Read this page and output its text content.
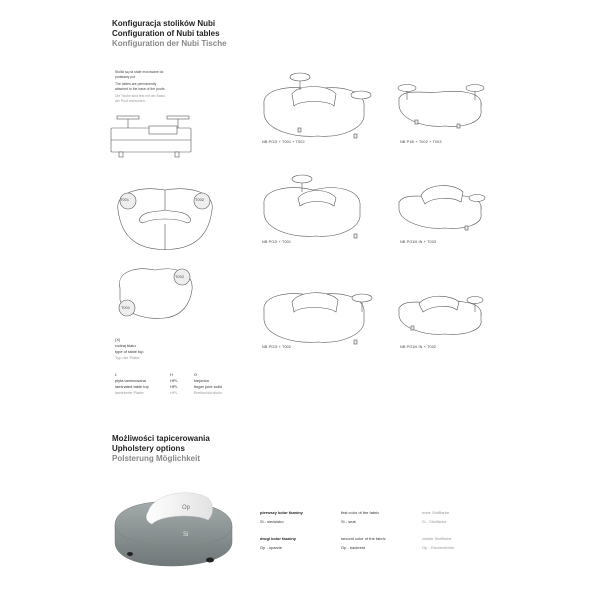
Konfiguracja stolików Nubi
Configuration of Nubi tables
Konfiguration der Nubi Tische
Stoliki są na stałe mocowane do
podstawy puf.
The tables are permanently
attached to the base of the poufs.
Die Tische sind fest mit der Basis
der Pouf verbunden.
T001	T002
T002
T001
(X)
rodzaj blatu
type of table top
Typ der Platte
L
płyta laminowana
laminated table top
laminierte Platte
H
HPL
HPL
HPL
O
klejonka
finger joint solid
Breitschichtholz
NB PO2l + T001 + T002	NB P1lll + T002 + T003
NB PO2l + T001	NB PO1lll IN + T003
NB PO2l + T002	NB PO1lll IN + T002
Możliwości tapicerowania
Upholstery options
Polsterung Möglichkeit
Op
Si
pierwszy kolor tkaniny
Si - siedzisko
first color of the fabric
Si - seat
erste Stofffarbe
Si - Sitzfläche
drugi kolor tkaniny
Op - oparcie
second color of the fabric
Op - backrest
zweite Stofffarbe
Op - Rückenlehne
